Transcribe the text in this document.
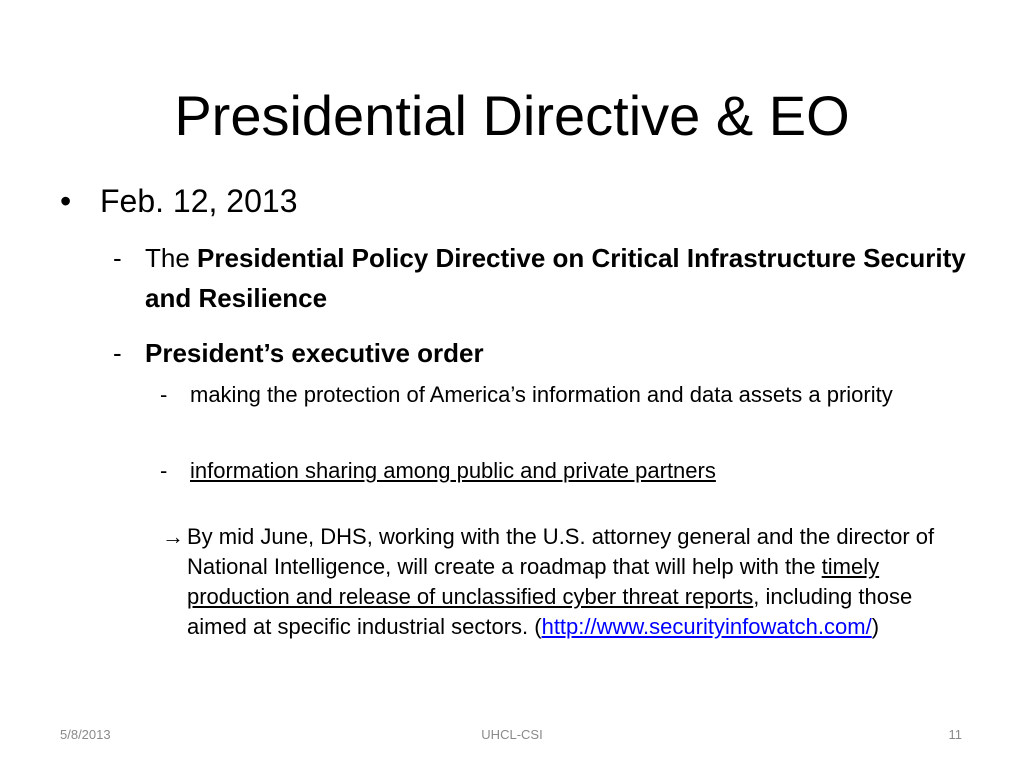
Presidential Directive & EO
• Feb. 12, 2013
- The Presidential Policy Directive on Critical Infrastructure Security and Resilience
- President’s executive order
- making the protection of America’s information and data assets a priority
- information sharing among public and private partners
→ By mid June, DHS, working with the U.S. attorney general and the director of National Intelligence, will create a roadmap that will help with the timely production and release of unclassified cyber threat reports, including those aimed at specific industrial sectors. (http://www.securityinfowatch.com/)
5/8/2013	UHCL-CSI	11
